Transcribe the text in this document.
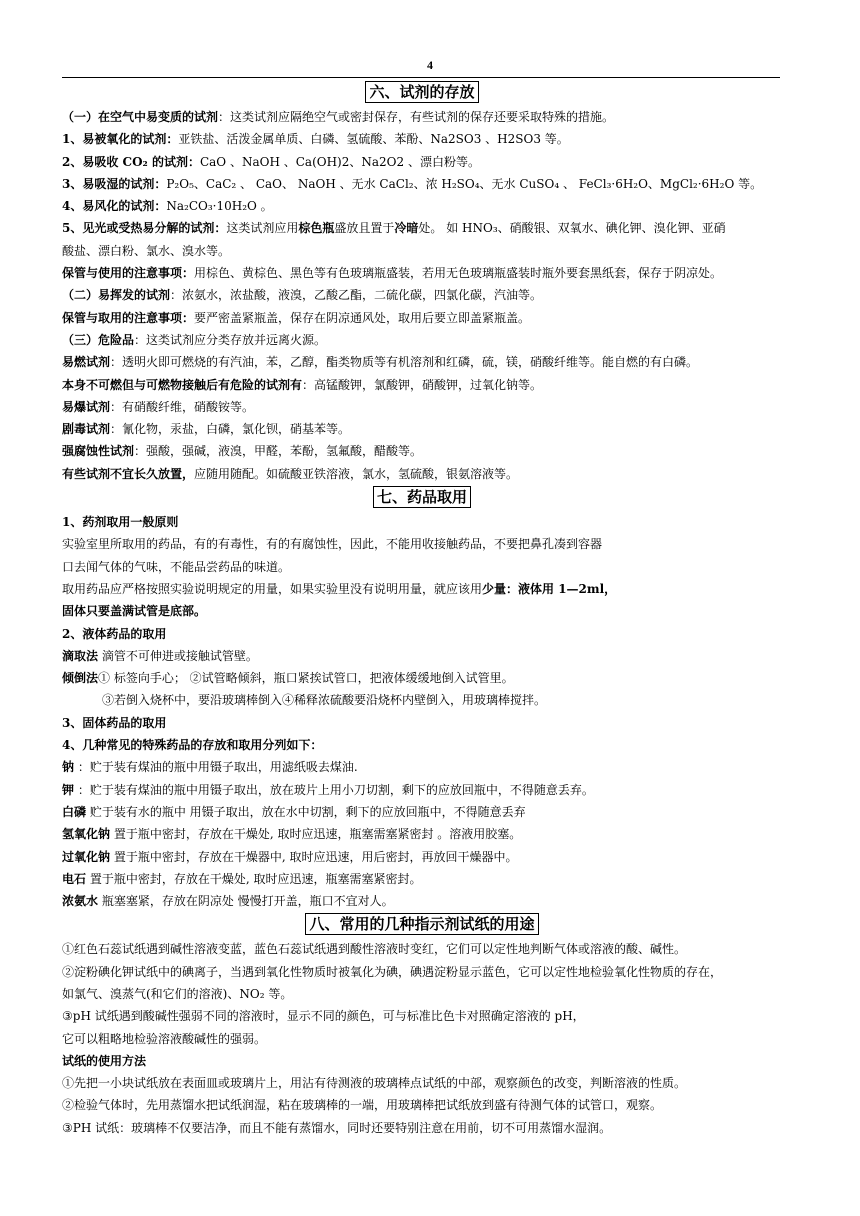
4
六、试剂的存放
（一）在空气中易变质的试剂：这类试剂应隔绝空气或密封保存，有些试剂的保存还要采取特殊的措施。
1、易被氧化的试剂：亚铁盐、活泼金属单质、白磷、氢硫酸、苯酚、Na2SO3 、H2SO3 等。
2、易吸收 CO₂ 的试剂：CaO 、NaOH 、Ca(OH)2、Na2O2 、漂白粉等。
3、易吸湿的试剂：P₂O₅、CaC₂ 、 CaO、 NaOH 、无水 CaCl₂、浓 H₂SO₄、无水 CuSO₄ 、 FeCl₃·6H₂O、MgCl₂·6H₂O 等。
4、易风化的试剂：Na₂CO₃·10H₂O 。
5、见光或受热易分解的试剂：这类试剂应用棕色瓶盛放且置于冷暗处。 如 HNO₃、硝酸银、双氧水、碘化钾、溴化钾、亚硝
酸盐、漂白粉、氯水、溴水等。
保管与使用的注意事项：用棕色、黄棕色、黑色等有色玻璃瓶盛装，若用无色玻璃瓶盛装时瓶外要套黑纸套，保存于阴凉处。
（二）易挥发的试剂：浓氨水，浓盐酸，液溴，乙酸乙酯，二硫化碳，四氯化碳，汽油等。
保管与取用的注意事项：要严密盖紧瓶盖，保存在阴凉通风处，取用后要立即盖紧瓶盖。
（三）危险品：这类试剂应分类存放并远离火源。
易燃试剂：透明火即可燃烧的有汽油，苯，乙醇，酯类物质等有机溶剂和红磷，硫，镁，硝酸纤维等。能自燃的有白磷。
本身不可燃但与可燃物接触后有危险的试剂有：高锰酸钾，氯酸钾，硝酸钾，过氧化钠等。
易爆试剂：有硝酸纤维，硝酸铵等。
剧毒试剂：氰化物，汞盐，白磷，氯化钡，硝基苯等。
强腐蚀性试剂：强酸，强碱，液溴，甲醛，苯酚，氢氟酸，醋酸等。
有些试剂不宜长久放置，应随用随配。如硫酸亚铁溶液，氯水，氢硫酸，银氨溶液等。
七、药品取用
1、药剂取用一般原则
实验室里所取用的药品，有的有毒性，有的有腐蚀性，因此，不能用收接触药品，不要把鼻孔凑到容器
口去闻气体的气味，不能品尝药品的味道。
取用药品应严格按照实验说明规定的用量，如果实验里没有说明用量，就应该用少量：液体用 1—2ml，
固体只要盖满试管是底部。
2、液体药品的取用
滴取法 滴管不可伸进或接触试管壁。
倾倒法① 标签向手心； ②试管略倾斜，瓶口紧挨试管口，把液体缓缓地倒入试管里。
③若倒入烧杯中，要沿玻璃棒倒入④稀释浓硫酸要沿烧杯内壁倒入，用玻璃棒搅拌。
3、固体药品的取用
4、几种常见的特殊药品的存放和取用分列如下：
钠 ：贮于装有煤油的瓶中用镊子取出，用滤纸吸去煤油.
钾 ：贮于装有煤油的瓶中用镊子取出，放在玻片上用小刀切割，剩下的应放回瓶中，不得随意丢弃。
白磷 贮于装有水的瓶中 用镊子取出，放在水中切割，剩下的应放回瓶中，不得随意丢弃
氢氧化钠 置于瓶中密封，存放在干燥处, 取时应迅速，瓶塞需塞紧密封 。溶液用胶塞。
过氧化钠 置于瓶中密封，存放在干燥器中, 取时应迅速，用后密封，再放回干燥器中。
电石 置于瓶中密封，存放在干燥处, 取时应迅速，瓶塞需塞紧密封。
浓氨水 瓶塞塞紧，存放在阴凉处 慢慢打开盖，瓶口不宜对人。
八、常用的几种指示剂试纸的用途
①红色石蕊试纸遇到碱性溶液变蓝，蓝色石蕊试纸遇到酸性溶液时变红，它们可以定性地判断气体或溶液的酸、碱性。
②淀粉碘化钾试纸中的碘离子，当遇到氧化性物质时被氧化为碘，碘遇淀粉显示蓝色，它可以定性地检验氧化性物质的存在，
如氯气、溴蒸气(和它们的溶液)、NO₂ 等。
③pH 试纸遇到酸碱性强弱不同的溶液时，显示不同的颜色，可与标准比色卡对照确定溶液的 pH，
它可以粗略地检验溶液酸碱性的强弱。
试纸的使用方法
①先把一小块试纸放在表面皿或玻璃片上，用沾有待测液的玻璃棒点试纸的中部，观察颜色的改变，判断溶液的性质。
②检验气体时，先用蒸馏水把试纸润湿，粘在玻璃棒的一端，用玻璃棒把试纸放到盛有待测气体的试管口，观察。
③PH 试纸：玻璃棒不仅要洁净，而且不能有蒸馏水，同时还要特别注意在用前，切不可用蒸馏水湿润。
